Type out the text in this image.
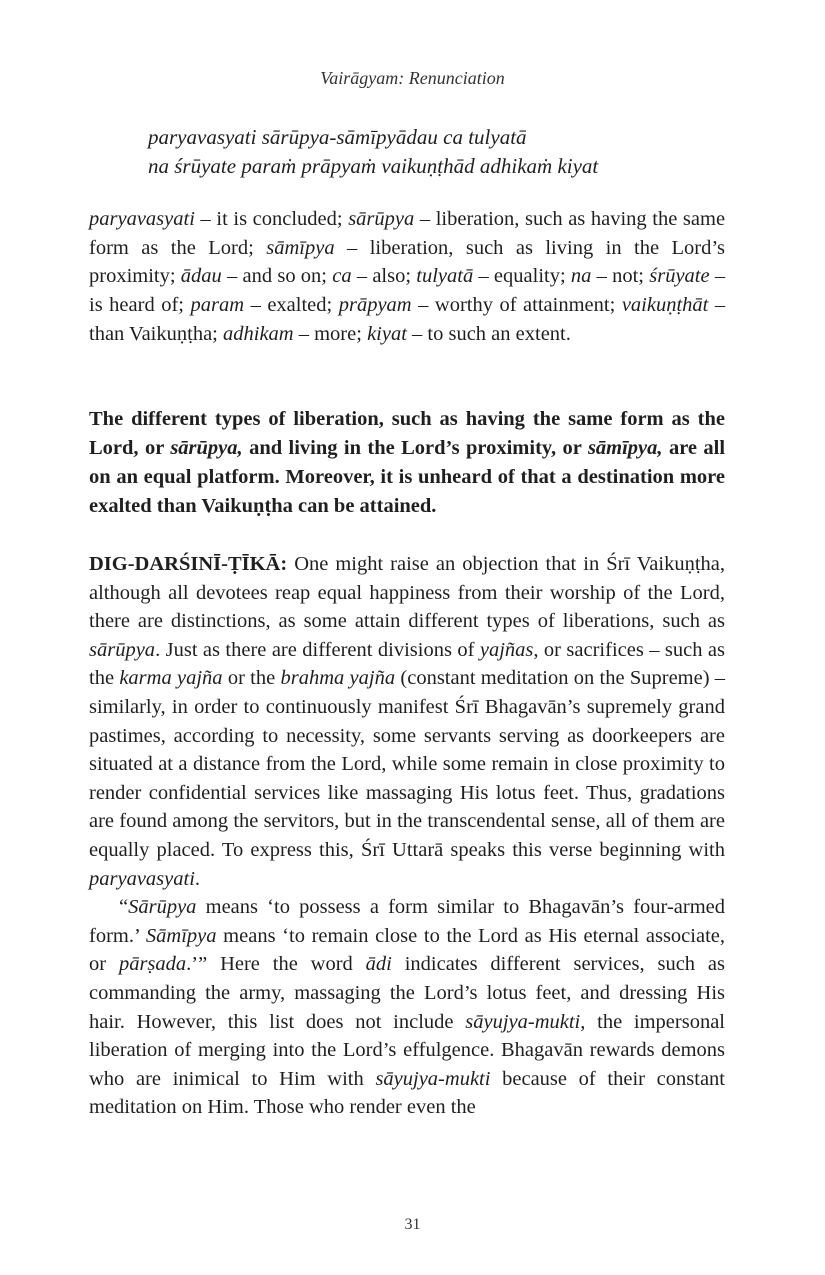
Vairāgyam: Renunciation
paryavasyati sārūpya-sāmīpyādau ca tulyatā
na śrūyate paraṁ prāpyaṁ vaikuṇṭhād adhikaṁ kiyat
paryavasyati – it is concluded; sārūpya – liberation, such as having the same form as the Lord; sāmīpya – liberation, such as living in the Lord’s proximity; ādau – and so on; ca – also; tulyatā – equality; na – not; śrūyate – is heard of; param – exalted; prāpyam – worthy of attainment; vaikuṇṭhāt – than Vaikuṇṭha; adhikam – more; kiyat – to such an extent.
The different types of liberation, such as having the same form as the Lord, or sārūpya, and living in the Lord’s proximity, or sāmīpya, are all on an equal platform. Moreover, it is unheard of that a destination more exalted than Vaikuṇṭha can be attained.

DIG-DARŚINĪ-ṬĪKĀ: One might raise an objection that in Śrī Vaikuṇṭha, although all devotees reap equal happiness from their worship of the Lord, there are distinctions, as some attain different types of liberations, such as sārūpya. Just as there are different divisions of yajñas, or sacrifices – such as the karma yajña or the brahma yajña (constant meditation on the Supreme) – similarly, in order to continuously manifest Śrī Bhagavān’s supremely grand pastimes, according to necessity, some servants serving as doorkeepers are situated at a distance from the Lord, while some remain in close proximity to render confidential services like massaging His lotus feet. Thus, gradations are found among the servitors, but in the transcendental sense, all of them are equally placed. To express this, Śrī Uttarā speaks this verse beginning with paryavasyati.

“Sārūpya means ‘to possess a form similar to Bhagavān’s four-armed form.’ Sāmīpya means ‘to remain close to the Lord as His eternal associate, or pārṣada.’” Here the word ādi indicates different services, such as commanding the army, massaging the Lord’s lotus feet, and dressing His hair. However, this list does not include sāyujya-mukti, the impersonal liberation of merging into the Lord’s effulgence. Bhagavān rewards demons who are inimical to Him with sāyujya-mukti because of their constant meditation on Him. Those who render even the

31
